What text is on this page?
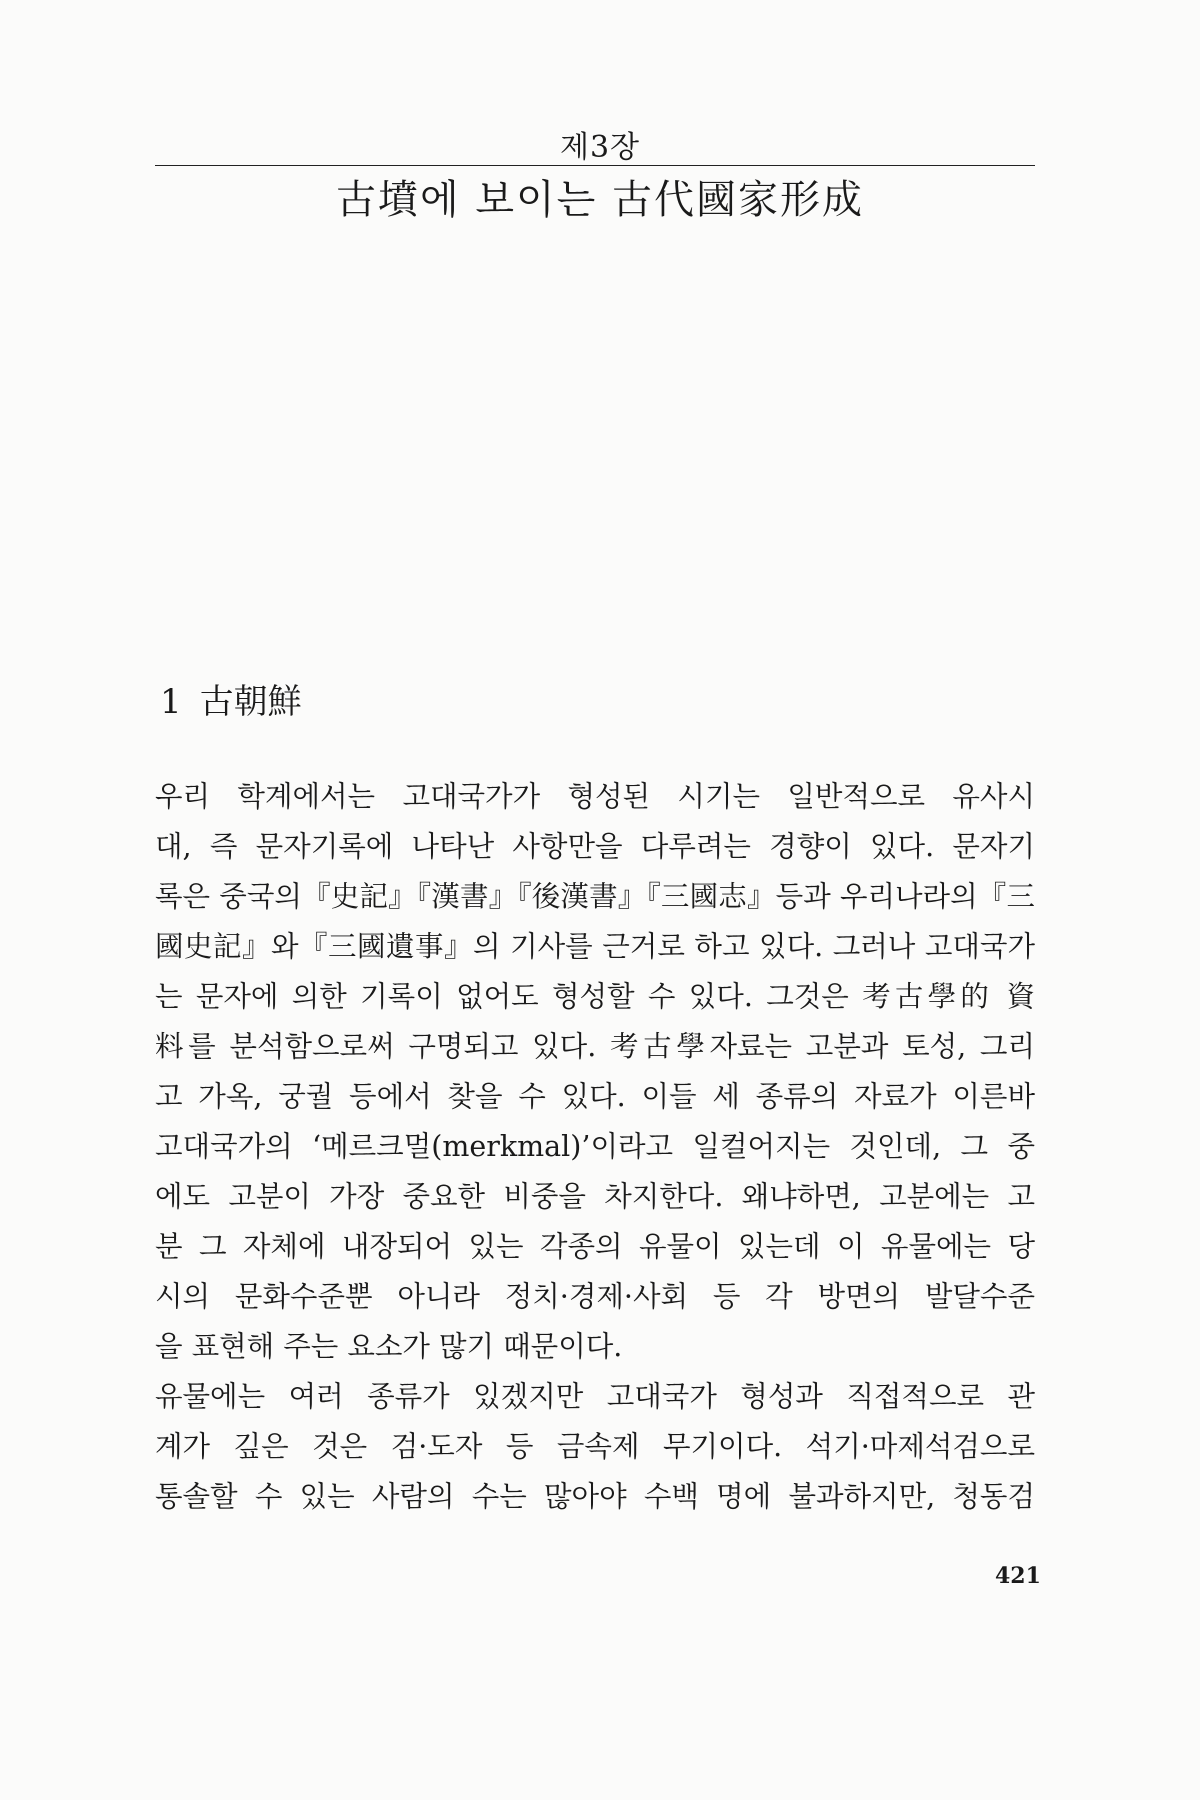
제3장
古墳에 보이는 古代國家形成
1 古朝鮮
우리 학계에서는 고대국가가 형성된 시기는 일반적으로 유사시
대, 즉 문자기록에 나타난 사항만을 다루려는 경향이 있다. 문자기
록은 중국의『史記』『漢書』『後漢書』『三國志』등과 우리나라의『三
國史記』와『三國遺事』의 기사를 근거로 하고 있다. 그러나 고대국가
는 문자에 의한 기록이 없어도 형성할 수 있다. 그것은 考古學的 資
料를 분석함으로써 구명되고 있다. 考古學자료는 고분과 토성, 그리
고 가옥, 궁궐 등에서 찾을 수 있다. 이들 세 종류의 자료가 이른바
고대국가의 ‘메르크멀(merkmal)’이라고 일컬어지는 것인데, 그 중
에도 고분이 가장 중요한 비중을 차지한다. 왜냐하면, 고분에는 고
분 그 자체에 내장되어 있는 각종의 유물이 있는데 이 유물에는 당
시의 문화수준뿐 아니라 정치·경제·사회 등 각 방면의 발달수준
을 표현해 주는 요소가 많기 때문이다.
유물에는 여러 종류가 있겠지만 고대국가 형성과 직접적으로 관
계가 깊은 것은 검·도자 등 금속제 무기이다. 석기·마제석검으로
통솔할 수 있는 사람의 수는 많아야 수백 명에 불과하지만, 청동검
421
